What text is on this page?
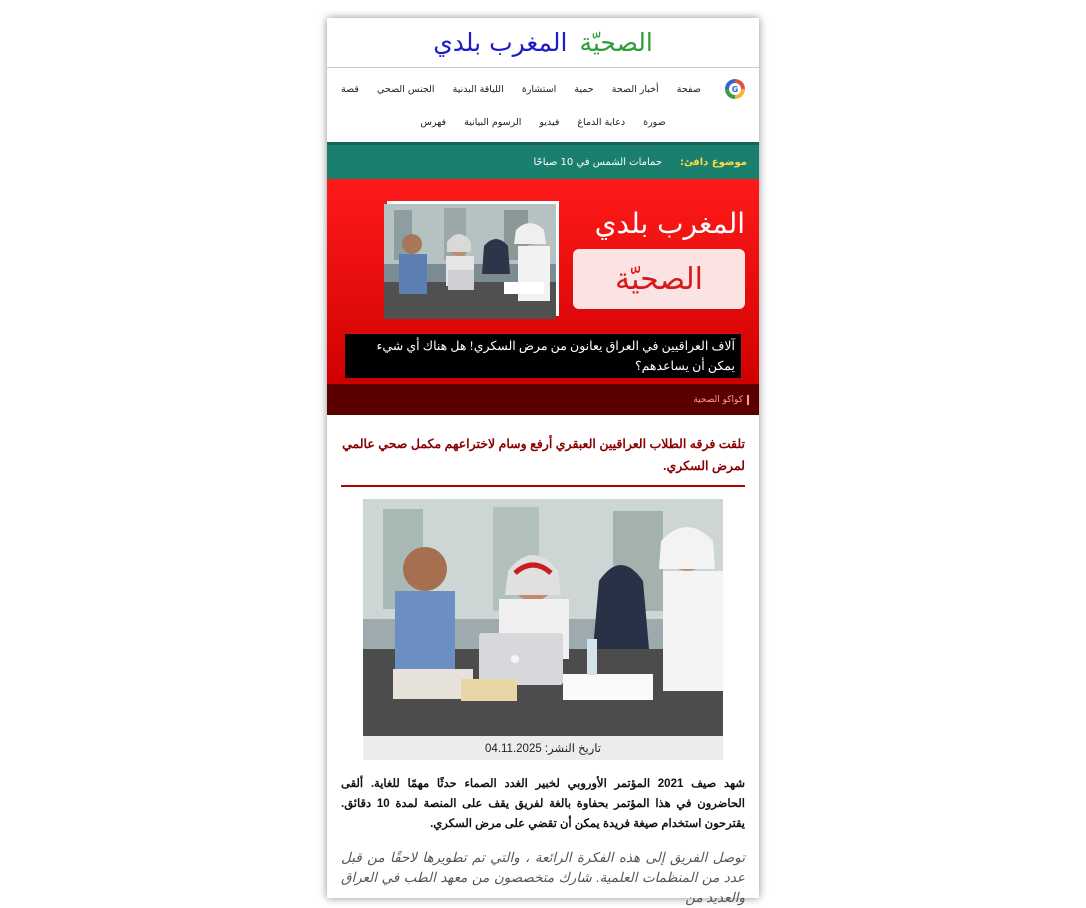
الصحيّة
المغرب بلدي
G
صفحة
أخبار الصحة
حمية
استشارة
اللياقة البدنية
الجنس الصحي
قصة
صورة
دعاية الدماغ
فيديو
الرسوم البيانية
فهرس
موضوع دافئ:
حمامات الشمس في 10 صباحًا
المغرب بلدي
الصحيّة
آلاف العراقيين في العراق يعانون من مرض السكري! هل هناك أي شيء يمكن أن يساعدهم؟
كواكو الصحية
تلقت فرقه الطلاب العراقيين العبقري أرفع وسام لاختراعهم مكمل صحي عالمي لمرض السكري.
تاريخ النشر: 04.11.2025
شهد صيف 2021 المؤتمر الأوروبي لخبير الغدد الصماء حدثًا مهمًا للغاية. ألقى الحاضرون في هذا المؤتمر بحفاوة بالغة لفريق يقف على المنصة لمدة 10 دقائق. يقترحون استخدام صيغة فريدة يمكن أن تقضي على مرض السكري.
توصل الفريق إلى هذه الفكرة الرائعة ، والتي تم تطويرها لاحقًا من قبل عدد من المنظمات العلمية. شارك متخصصون من معهد الطب في العراق والعديد من
